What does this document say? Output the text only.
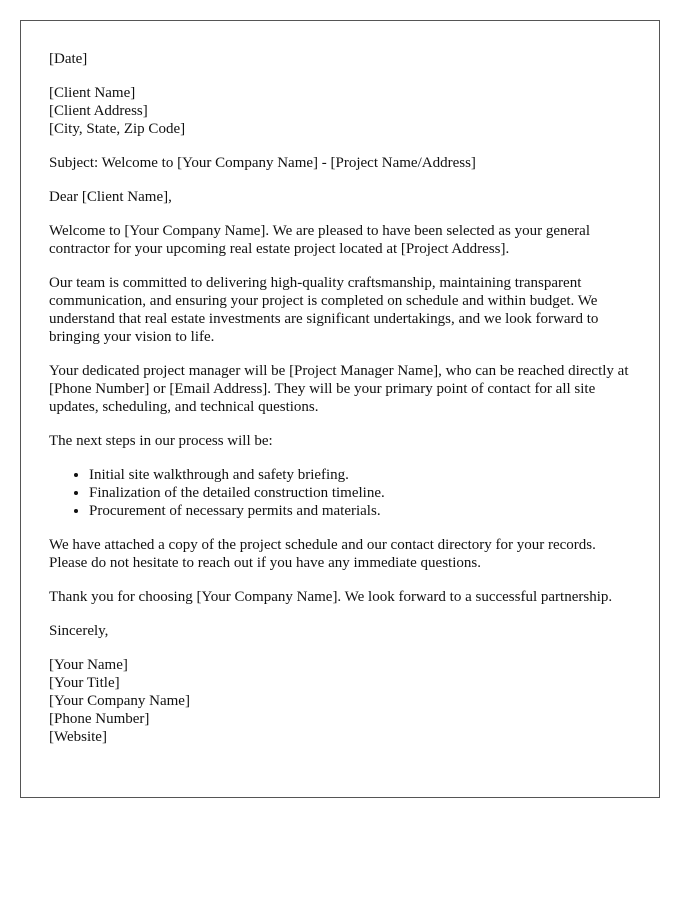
[Date]
[Client Name]
[Client Address]
[City, State, Zip Code]

Subject: Welcome to [Your Company Name] - [Project Name/Address]

Dear [Client Name],

Welcome to [Your Company Name]. We are pleased to have been selected as your general contractor for your upcoming real estate project located at [Project Address].

Our team is committed to delivering high-quality craftsmanship, maintaining transparent communication, and ensuring your project is completed on schedule and within budget. We understand that real estate investments are significant undertakings, and we look forward to bringing your vision to life.

Your dedicated project manager will be [Project Manager Name], who can be reached directly at [Phone Number] or [Email Address]. They will be your primary point of contact for all site updates, scheduling, and technical questions.

The next steps in our process will be:

• Initial site walkthrough and safety briefing.
• Finalization of the detailed construction timeline.
• Procurement of necessary permits and materials.

We have attached a copy of the project schedule and our contact directory for your records. Please do not hesitate to reach out if you have any immediate questions.

Thank you for choosing [Your Company Name]. We look forward to a successful partnership.

Sincerely,

[Your Name]
[Your Title]
[Your Company Name]
[Phone Number]
[Website]
